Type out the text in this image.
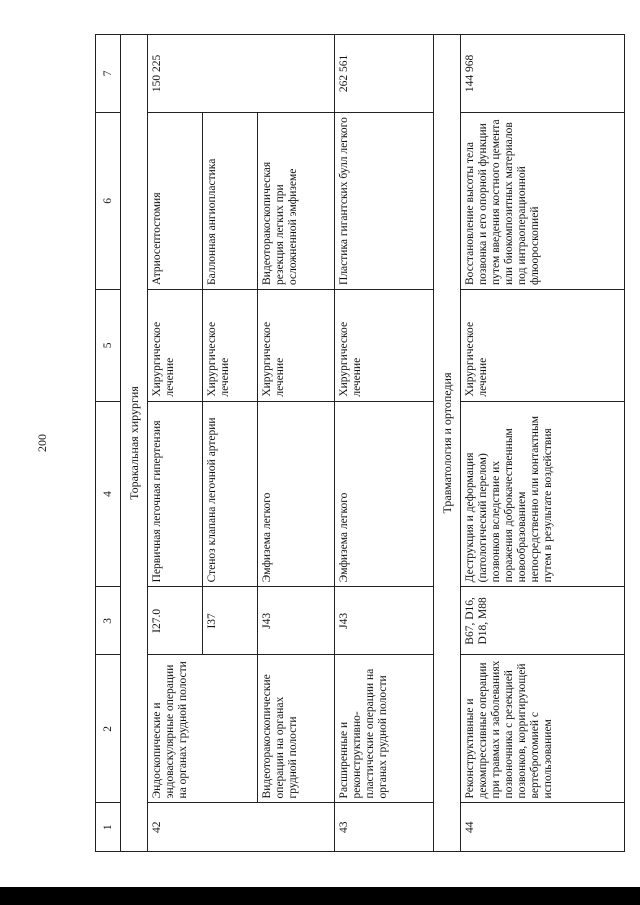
200
1	2	3	4	5	6	7
Торакальная хирургия						
42	Эндоскопические и эндоваскулярные операции на органах грудной полости	I27.0	Первичная легочная гипертензия	Хирургическое лечение	Атриосептостомия	150 225
		I37	Стеноз клапана легочной артерии	Хирургическое лечение	Баллонная ангиопластика	
	Видеоторакоскопические операции на органах грудной полости	J43	Эмфизема легкого	Хирургическое лечение	Видеоторакоскопическая резекция легких при осложненной эмфиземе	
43	Расширенные и реконструктивно-пластические операции на органах грудной полости	J43	Эмфизема легкого	Хирургическое лечение	Пластика гигантских булл легкого	262 561
Травматология и ортопедия						
44	Реконструктивные и декомпрессивные операции при травмах и заболеваниях позвоночника с резекцией позвонков, корригирующей вертебротомией с использованием	B67, D16, D18, M88	Деструкция и деформация (патологический перелом) позвонков вследствие их поражения доброкачественным новообразованием непосредственно или контактным путем в результате воздействия	Хирургическое лечение	Восстановление высоты тела позвонка и его опорной функции путем введения костного цемента или биокомпозитных материалов под интраоперационной флюороскопией	144 968
